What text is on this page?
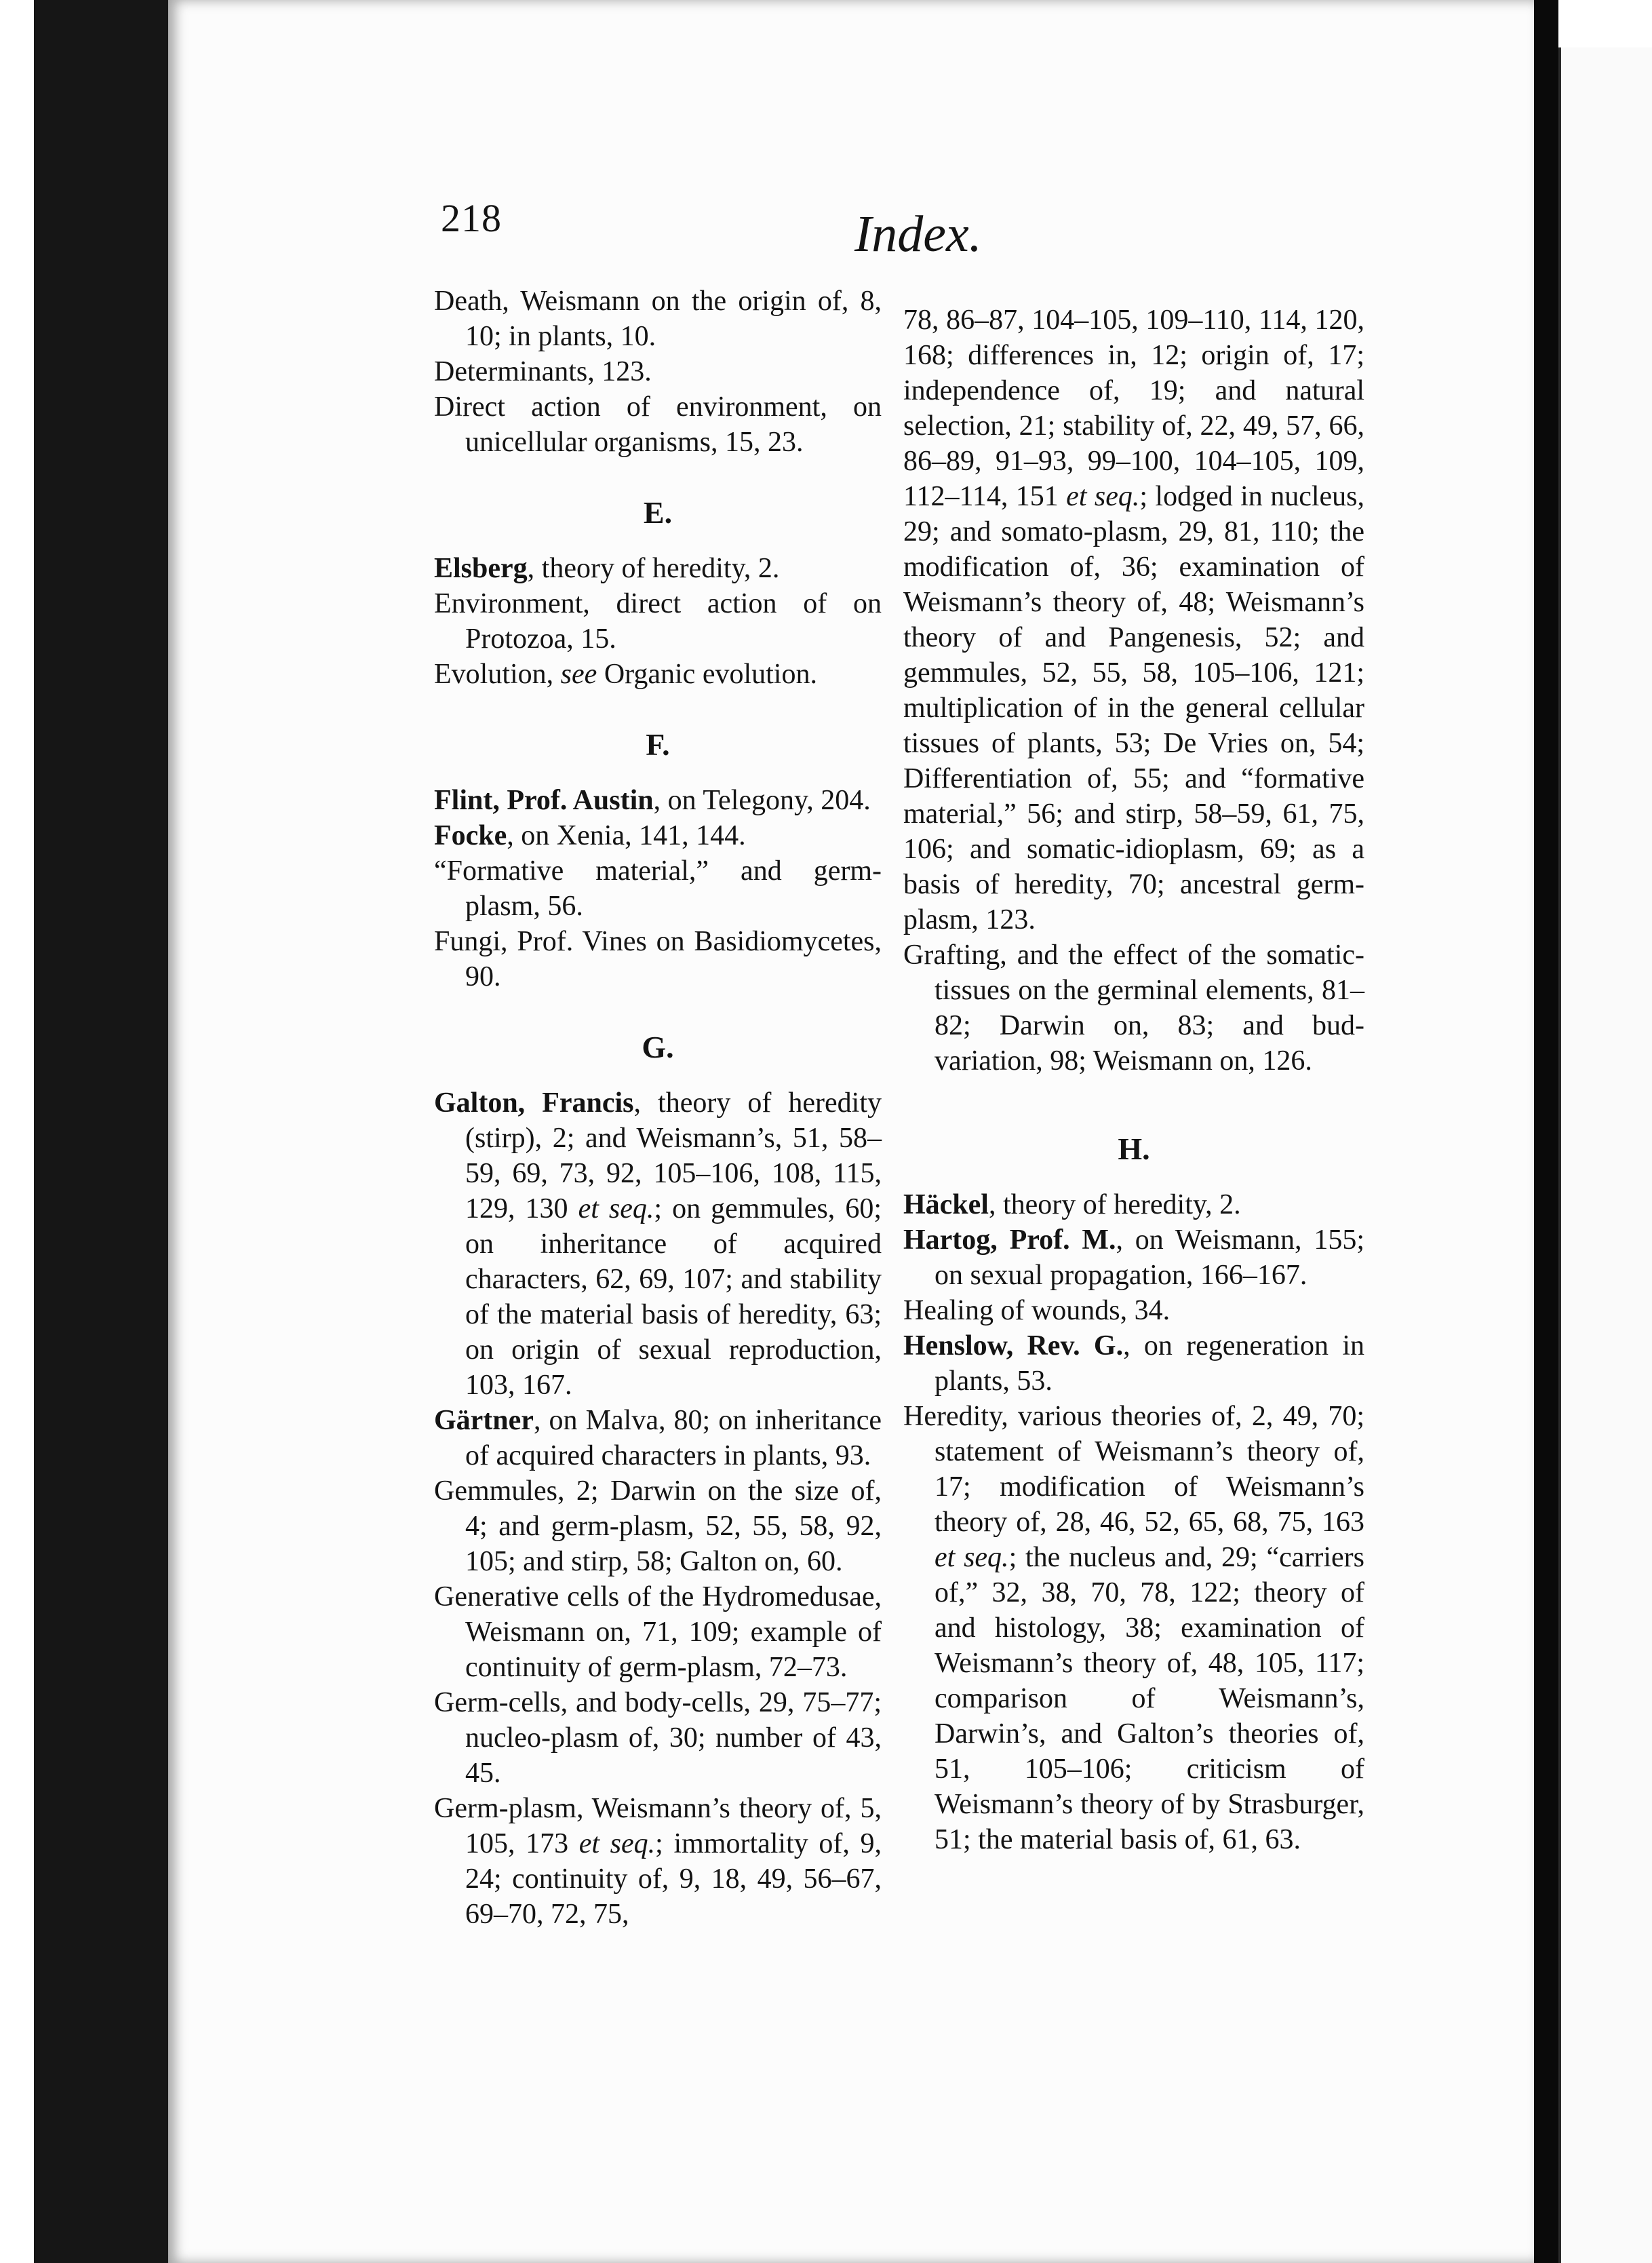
218	Index.

Death, Weismann on the origin of, 8, 10; in plants, 10.

Determinants, 123.

Direct action of environment, on unicellular organisms, 15, 23.

E.

Elsberg, theory of heredity, 2.

Environment, direct action of on Protozoa, 15.

Evolution, see Organic evolution.

F.

Flint, Prof. Austin, on Telegony, 204.

Focke, on Xenia, 141, 144.

“Formative material,” and germ-plasm, 56.

Fungi, Prof. Vines on Basidiomycetes, 90.

G.

Galton, Francis, theory of heredity (stirp), 2; and Weismann’s, 51, 58–59, 69, 73, 92, 105–106, 108, 115, 129, 130 et seq.; on gemmules, 60; on inheritance of acquired characters, 62, 69, 107; and stability of the material basis of heredity, 63; on origin of sexual reproduction, 103, 167.

Gärtner, on Malva, 80; on inheritance of acquired characters in plants, 93.

Gemmules, 2; Darwin on the size of, 4; and germ-plasm, 52, 55, 58, 92, 105; and stirp, 58; Galton on, 60.

Generative cells of the Hydromedusae, Weismann on, 71, 109; example of continuity of germ-plasm, 72–73.

Germ-cells, and body-cells, 29, 75–77; nucleo-plasm of, 30; number of 43, 45.

Germ-plasm, Weismann’s theory of, 5, 105, 173 et seq.; immortality of, 9, 24; continuity of, 9, 18, 49, 56–67, 69–70, 72, 75,

78, 86–87, 104–105, 109–110, 114, 120, 168; differences in, 12; origin of, 17; independence of, 19; and natural selection, 21; stability of, 22, 49, 57, 66, 86–89, 91–93, 99–100, 104–105, 109, 112–114, 151 et seq.; lodged in nucleus, 29; and somato-plasm, 29, 81, 110; the modification of, 36; examination of Weismann’s theory of, 48; Weismann’s theory of and Pangenesis, 52; and gemmules, 52, 55, 58, 105–106, 121; multiplication of in the general cellular tissues of plants, 53; De Vries on, 54; Differentiation of, 55; and “formative material,” 56; and stirp, 58–59, 61, 75, 106; and somatic-idioplasm, 69; as a basis of heredity, 70; ancestral germ-plasm, 123.

Grafting, and the effect of the somatic-tissues on the germinal elements, 81–82; Darwin on, 83; and bud-variation, 98; Weismann on, 126.

H.

Häckel, theory of heredity, 2.

Hartog, Prof. M., on Weismann, 155; on sexual propagation, 166–167.

Healing of wounds, 34.

Henslow, Rev. G., on regeneration in plants, 53.

Heredity, various theories of, 2, 49, 70; statement of Weismann’s theory of, 17; modification of Weismann’s theory of, 28, 46, 52, 65, 68, 75, 163 et seq.; the nucleus and, 29; “carriers of,” 32, 38, 70, 78, 122; theory of and histology, 38; examination of Weismann’s theory of, 48, 105, 117; comparison of Weismann’s, Darwin’s, and Galton’s theories of, 51, 105–106; criticism of Weismann’s theory of by Strasburger, 51; the material basis of, 61, 63.
